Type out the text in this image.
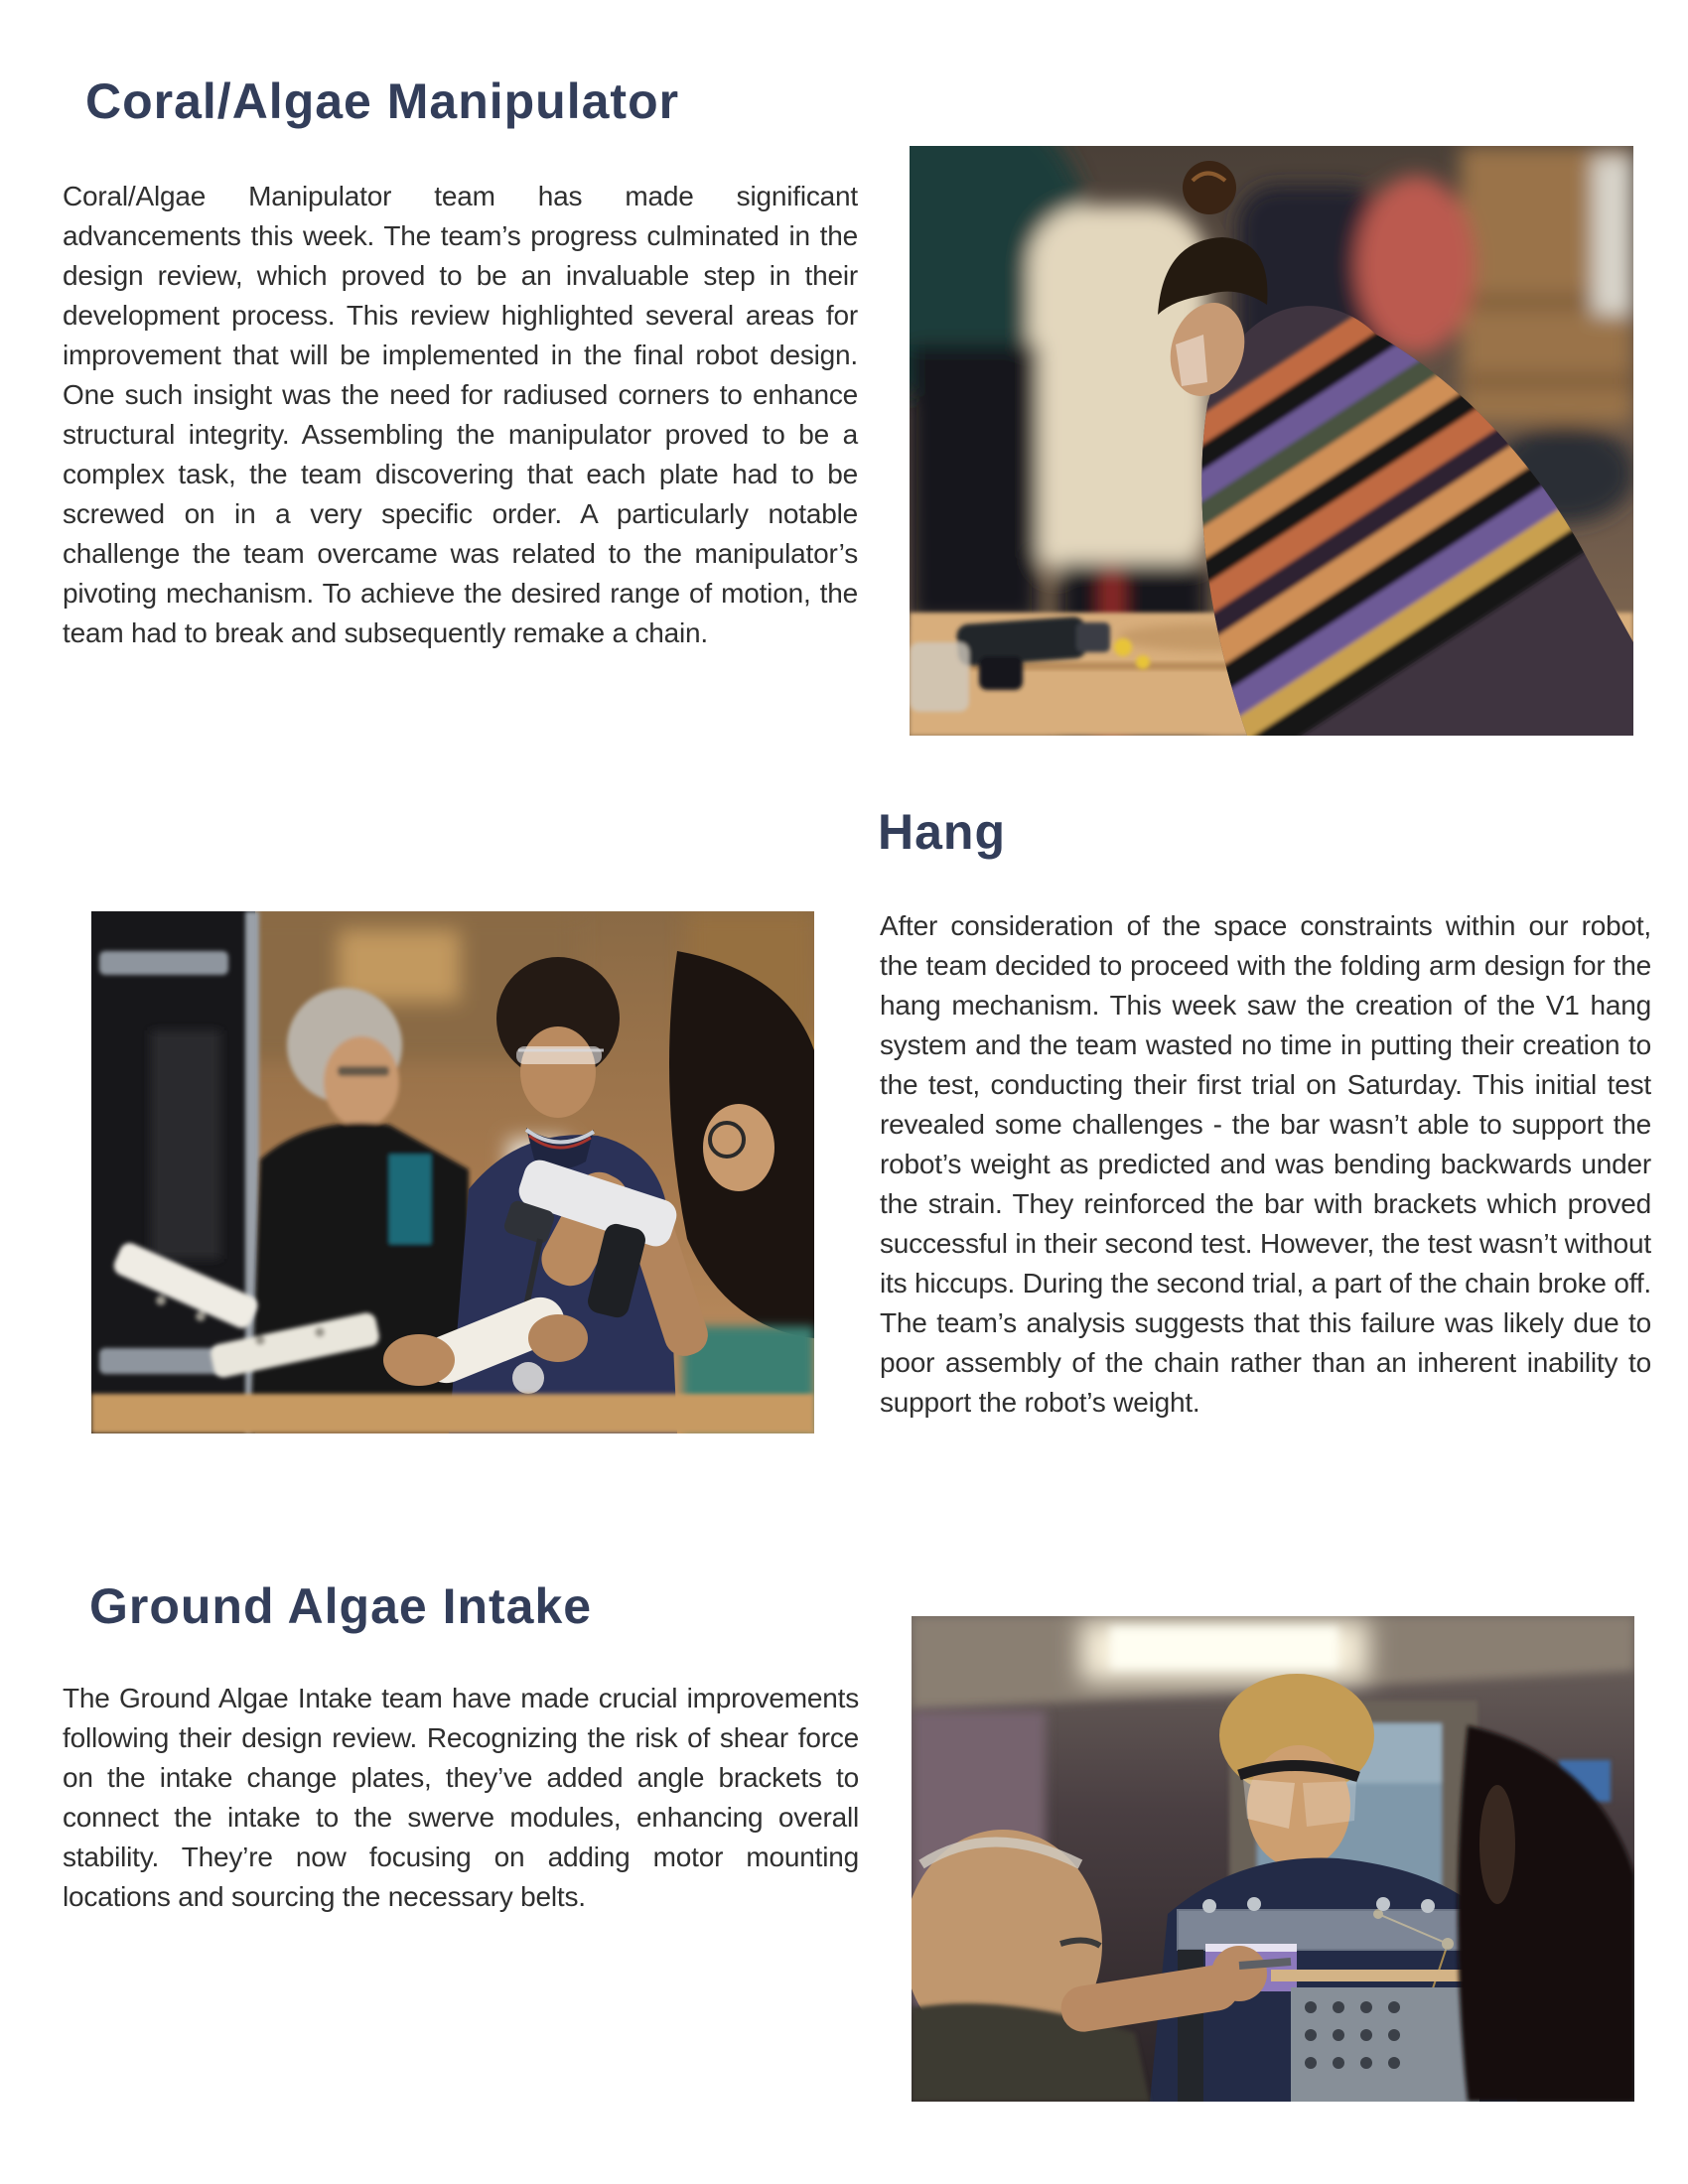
Coral/Algae Manipulator

Coral/Algae Manipulator team has made significant advancements this week. The team’s progress culminated in the design review, which proved to be an invaluable step in their development process. This review highlighted several areas for improvement that will be implemented in the final robot design. One such insight was the need for radiused corners to enhance structural integrity. Assembling the manipulator proved to be a complex task, the team discovering that each plate had to be screwed on in a very specific order. A particularly notable challenge the team overcame was related to the manipulator’s pivoting mechanism. To achieve the desired range of motion, the team had to break and subsequently remake a chain.

Hang

After consideration of the space constraints within our robot, the team decided to proceed with the folding arm design for the hang mechanism. This week saw the creation of the V1 hang system and the team wasted no time in putting their creation to the test, conducting their first trial on Saturday. This initial test revealed some challenges - the bar wasn’t able to support the robot’s weight as predicted and was bending backwards under the strain. They reinforced the bar with brackets which proved successful in their second test. However, the test wasn’t without its hiccups. During the second trial, a part of the chain broke off. The team’s analysis suggests that this failure was likely due to poor assembly of the chain rather than an inherent inability to support the robot’s weight.

Ground Algae Intake

The Ground Algae Intake team have made crucial improvements following their design review. Recognizing the risk of shear force on the intake change plates, they’ve added angle brackets to connect the intake to the swerve modules, enhancing overall stability. They’re now focusing on adding motor mounting locations and sourcing the necessary belts.
